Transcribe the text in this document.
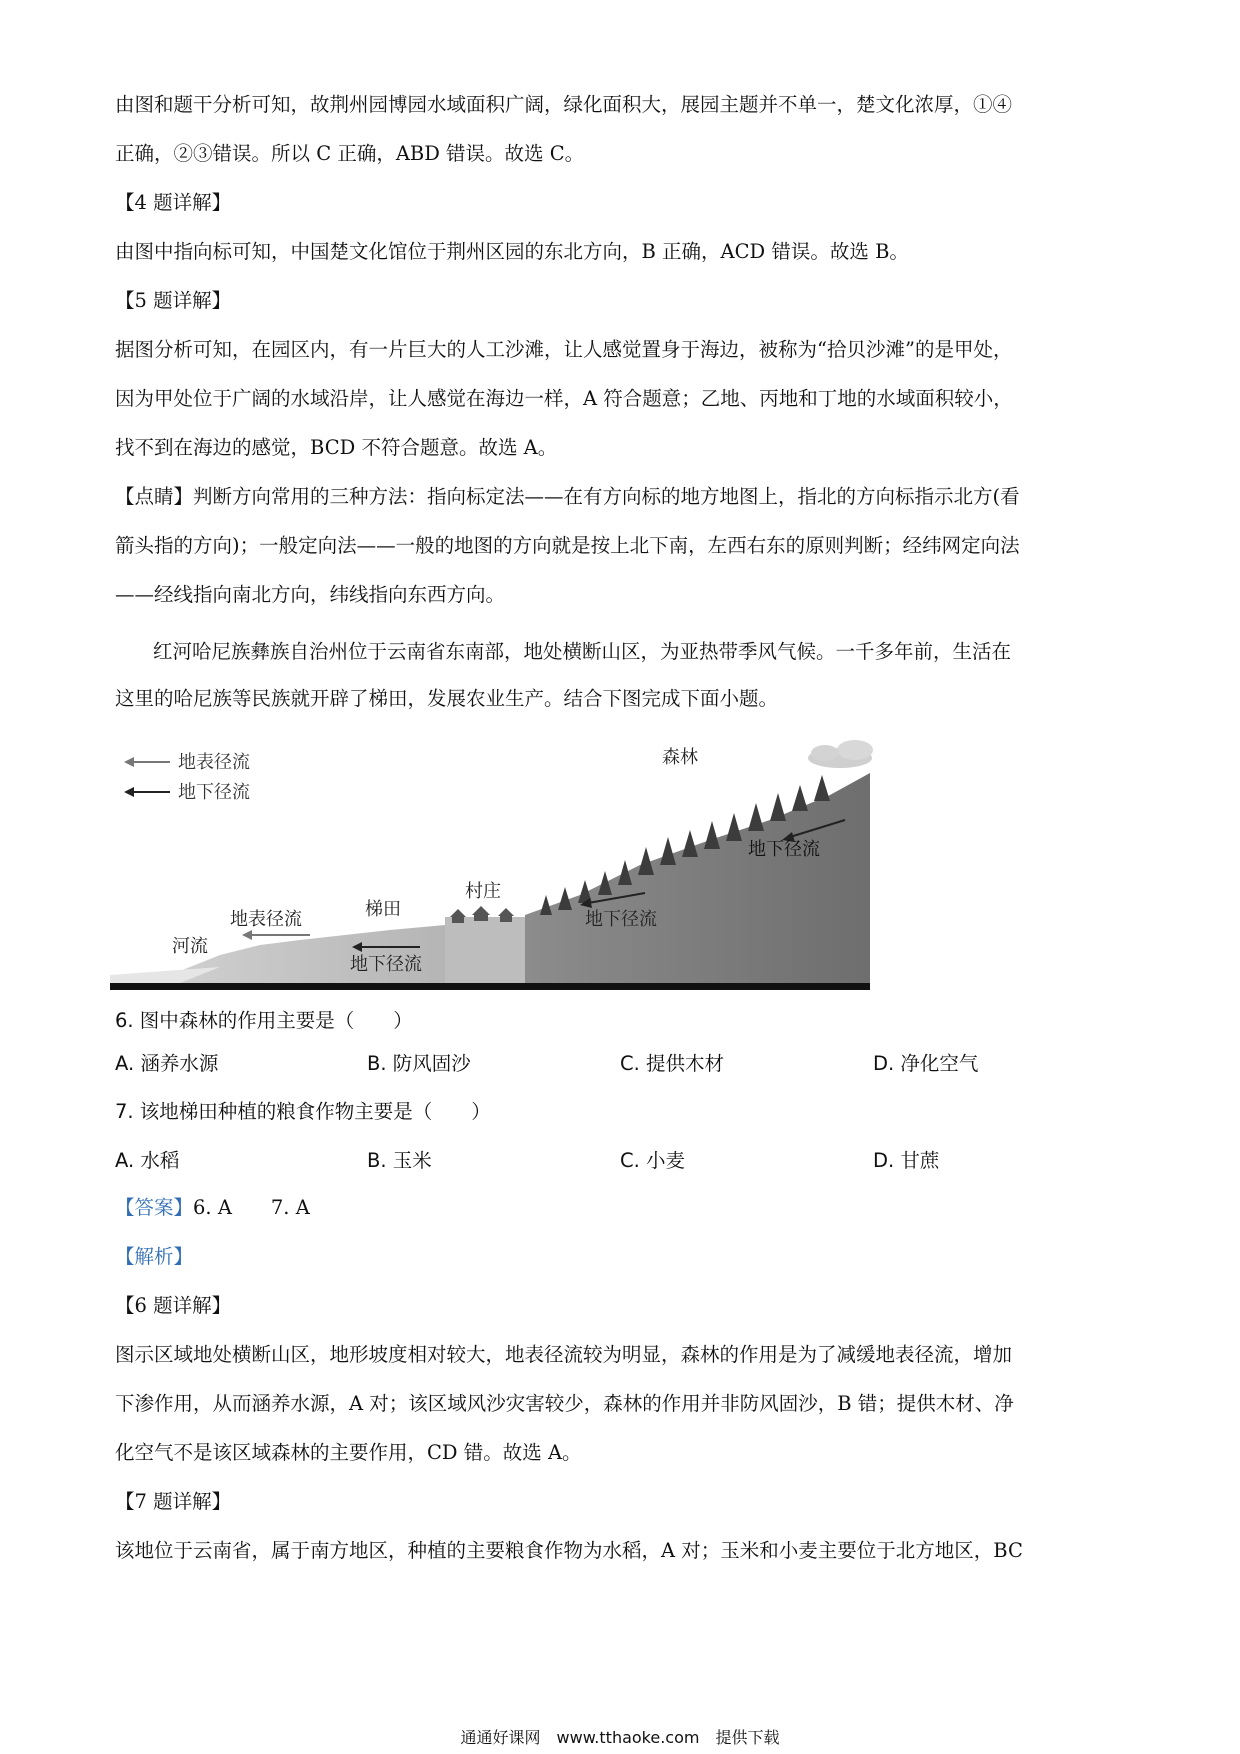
由图和题干分析可知，故荆州园博园水域面积广阔，绿化面积大，展园主题并不单一，楚文化浓厚，①④
正确，②③错误。所以 C 正确，ABD 错误。故选 C。

【4 题详解】

由图中指向标可知，中国楚文化馆位于荆州区园的东北方向，B 正确，ACD 错误。故选 B。

【5 题详解】

据图分析可知，在园区内，有一片巨大的人工沙滩，让人感觉置身于海边，被称为“拾贝沙滩”的是甲处，
因为甲处位于广阔的水域沿岸，让人感觉在海边一样，A 符合题意；乙地、丙地和丁地的水域面积较小，
找不到在海边的感觉，BCD 不符合题意。故选 A。

【点睛】判断方向常用的三种方法：指向标定法——在有方向标的地方地图上，指北的方向标指示北方(看
箭头指的方向)；一般定向法——一般的地图的方向就是按上北下南，左西右东的原则判断；经纬网定向法
——经线指向南北方向，纬线指向东西方向。

红河哈尼族彝族自治州位于云南省东南部，地处横断山区，为亚热带季风气候。一千多年前，生活在
这里的哈尼族等民族就开辟了梯田，发展农业生产。结合下图完成下面小题。

地表径流
地下径流
森林
村庄
梯田
河流
地表径流
地下径流
地下径流
地下径流

6. 图中森林的作用主要是（　　）

A. 涵养水源	B. 防风固沙	C. 提供木材	D. 净化空气

7. 该地梯田种植的粮食作物主要是（　　）

A. 水稻	B. 玉米	C. 小麦	D. 甘蔗

【答案】6. A　　7. A

【解析】

【6 题详解】

图示区域地处横断山区，地形坡度相对较大，地表径流较为明显，森林的作用是为了减缓地表径流，增加
下渗作用，从而涵养水源，A 对；该区域风沙灾害较少，森林的作用并非防风固沙，B 错；提供木材、净
化空气不是该区域森林的主要作用，CD 错。故选 A。

【7 题详解】

该地位于云南省，属于南方地区，种植的主要粮食作物为水稻，A 对；玉米和小麦主要位于北方地区，BC

通通好课网　www.tthaoke.com　提供下载
